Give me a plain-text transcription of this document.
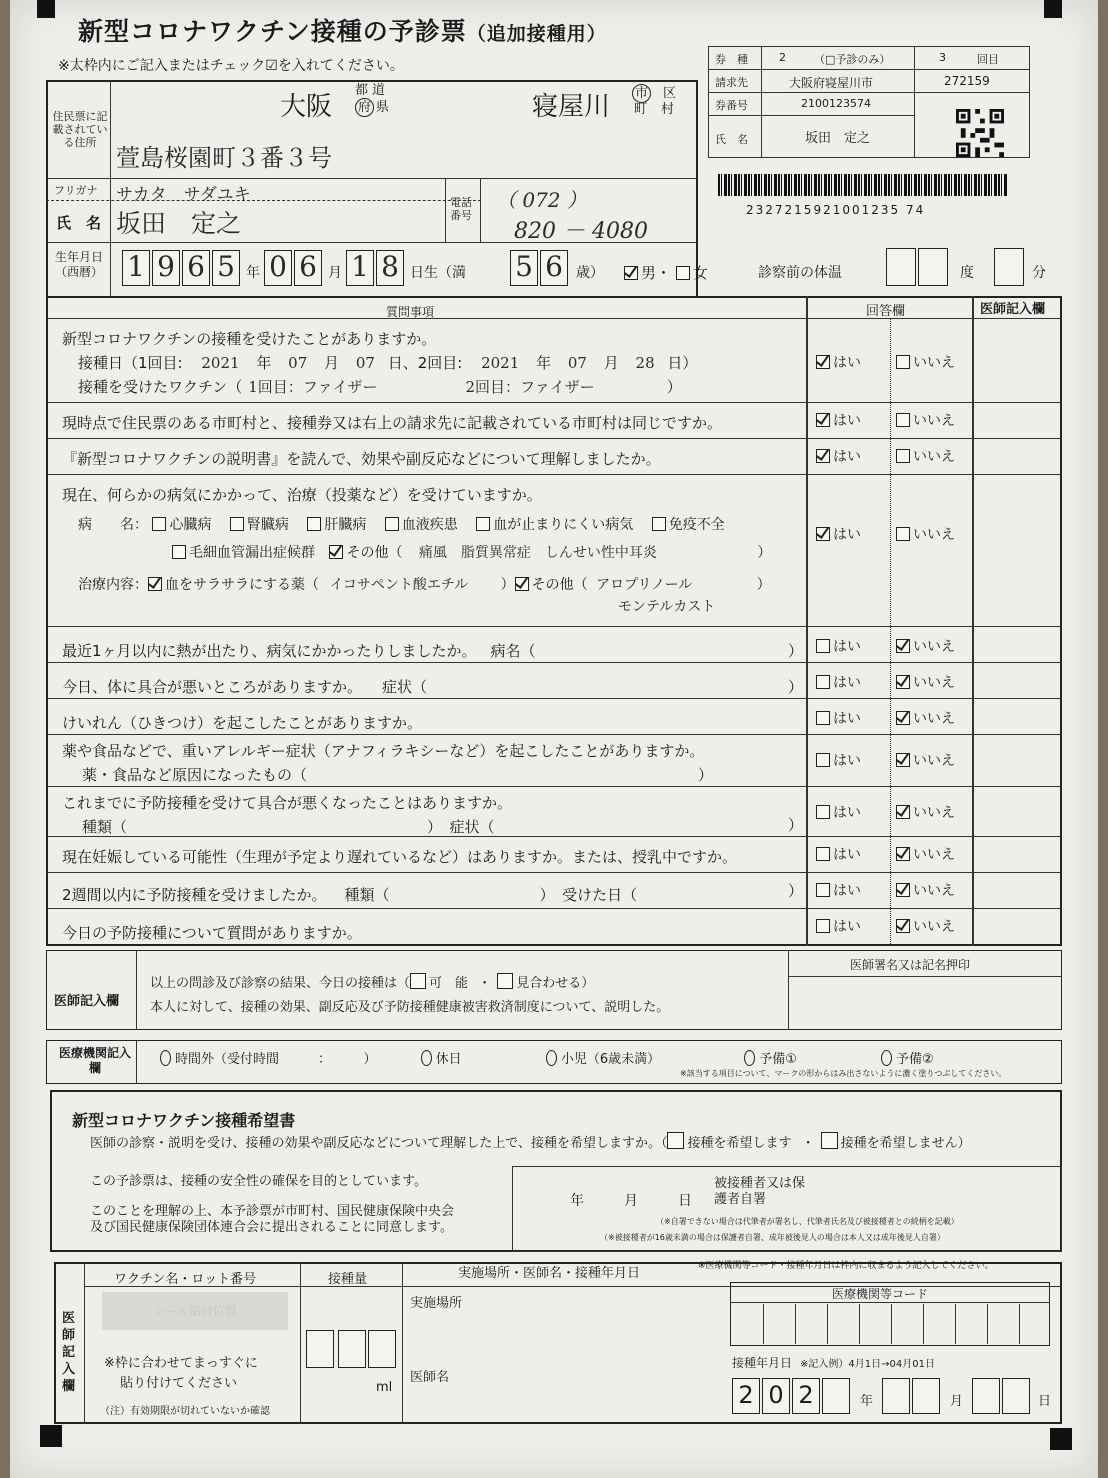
新型コロナワクチン接種の予診票（追加接種用）
※太枠内にご記入またはチェック☑を入れてください。	券　種	2	（□予診のみ）	3	回目
請求先	大阪府寝屋川市	272159
券番号	2100123574
氏　名	坂田　定之
2327215921001235 74
住民票に記載されている住所
大阪
都 道
府 県	寝屋川 市 区
町 村
萱島桜園町３番３号
フリガナ サカタ　サダユキ
氏　名 坂田　定之
電話番号
（ 072 ）
820 － 4080
生年月日（西暦） 1 9 6 5 年 0 6 月 1 8 日生（満 5 6 歳）	男・ 女	診察前の体温	度	分
質問事項	回答欄	医師記入欄
新型コロナワクチンの接種を受けたことがありますか。
接種日（1回目: 2021 年 07 月 07 日、2回目: 2021 年 07 月 28 日）
接種を受けたワクチン（ 1回目：ファイザー	2回目：ファイザー	）
はい	いいえ
現時点で住民票のある市町村と、接種券又は右上の請求先に記載されている市町村は同じですか。	はい	いいえ
『新型コロナワクチンの説明書』を読んで、効果や副反応などについて理解しましたか。	はい	いいえ
現在、何らかの病気にかかって、治療（投薬など）を受けていますか。
病　　名： 心臓病	腎臓病	肝臓病	血液疾患	血が止まりにくい病気	免疫不全
毛細血管漏出症候群 その他（ 痛風　脂質異常症　しんせい性中耳炎	）
治療内容： 血をサラサラにする薬（ イコサペント酸エチル ） その他（ アロプリノール	）
モンテルカスト
はい	いいえ
最近1ヶ月以内に熱が出たり、病気にかかったりしましたか。 病名（	）	はい	いいえ
今日、体に具合が悪いところがありますか。 症状（	）	はい	いいえ
けいれん（ひきつけ）を起こしたことがありますか。	はい	いいえ
薬や食品などで、重いアレルギー症状（アナフィラキシーなど）を起こしたことがありますか。
薬・食品など原因になったもの（	）
はい	いいえ
これまでに予防接種を受けて具合が悪くなったことはありますか。
種類（	）　症状（	）
はい	いいえ
現在妊娠している可能性（生理が予定より遅れているなど）はありますか。または、授乳中ですか。	はい	いいえ
2週間以内に予防接種を受けましたか。 種類（	）　受けた日（	）	はい	いいえ
今日の予防接種について質問がありますか。	はい	いいえ
医師記入欄
以上の問診及び診察の結果、今日の接種は（ 可　能 ・ 見合わせる）
本人に対して、接種の効果、副反応及び予防接種健康被害救済制度について、説明した。
医師署名又は記名押印
医療機関記入欄
時間外（受付時間　　　：　　　）	休日	小児（6歳未満）	予備①	予備②
※該当する項目について、マークの形からはみ出さないように濃く塗りつぶしてください。
新型コロナワクチン接種希望書
医師の診察・説明を受け、接種の効果や副反応などについて理解した上で、接種を希望しますか。（ 接種を希望します ・ 接種を希望しません）
この予診票は、接種の安全性の確保を目的としています。
このことを理解の上、本予診票が市町村、国民健康保険中央会
及び国民健康保険団体連合会に提出されることに同意します。
年	月	日
被接種者又は保護者自署
（※自署できない場合は代筆者が署名し、代筆者氏名及び被接種者との続柄を記載）
（※被接種者が16歳未満の場合は保護者自署、成年被後見人の場合は本人又は成年後見人自署）
医師記入欄
ワクチン名・ロット番号	接種量	実施場所・医師名・接種年月日	※医療機関等コード・接種年月日は枠内に収まるよう記入してください。
シール貼付位置
※枠に合わせてまっすぐに
貼り付けてください
（注）有効期限が切れていないか確認
ml
実施場所
医師名
医療機関等コード
接種年月日 ※記入例）4月1日→04月01日
2 0 2	年	月	日
